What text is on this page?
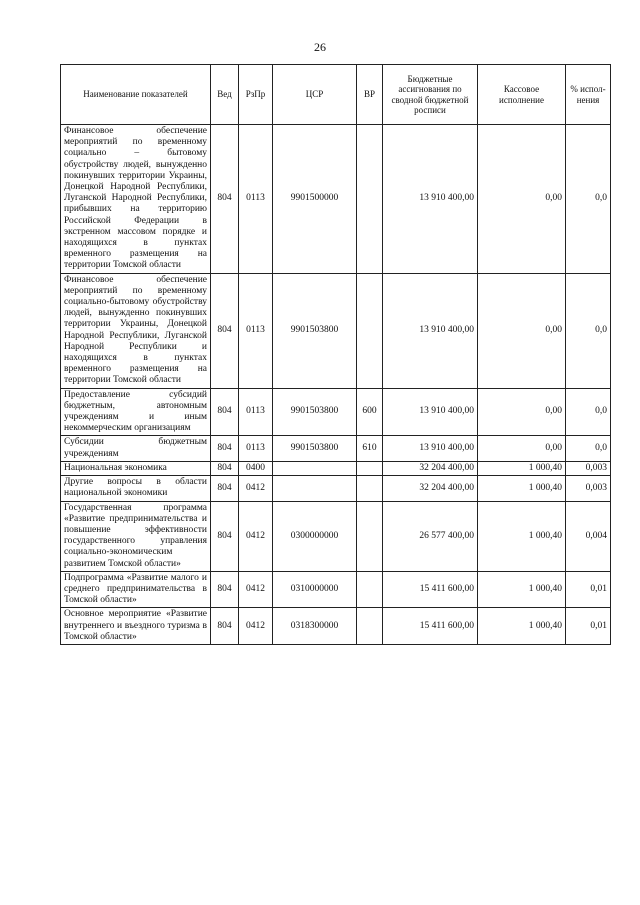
26
Наименование показателей	Вед	РзПр	ЦСР	ВР	Бюджетные ассигнования по сводной бюджетной росписи	Кассовое исполнение	% испол-нения
Финансовое обеспечение мероприятий по временному социально – бытовому обустройству людей, вынужденно покинувших территории Украины, Донецкой Народной Республики, Луганской Народной Республики, прибывших на территорию Российской Федерации в экстренном массовом порядке и находящихся в пунктах временного размещения на территории Томской области	804	0113	9901500000		13 910 400,00	0,00	0,0
Финансовое обеспечение мероприятий по временному социально-бытовому обустройству людей, вынужденно покинувших территории Украины, Донецкой Народной Республики, Луганской Народной Республики и находящихся в пунктах временного размещения на территории Томской области	804	0113	9901503800		13 910 400,00	0,00	0,0
Предоставление субсидий бюджетным, автономным учреждениям и иным некоммерческим организациям	804	0113	9901503800	600	13 910 400,00	0,00	0,0
Субсидии бюджетным учреждениям	804	0113	9901503800	610	13 910 400,00	0,00	0,0
Национальная экономика	804	0400			32 204 400,00	1 000,40	0,003
Другие вопросы в области национальной экономики	804	0412			32 204 400,00	1 000,40	0,003
Государственная программа «Развитие предпринимательства и повышение эффективности государственного управления социально-экономическим развитием Томской области»	804	0412	0300000000		26 577 400,00	1 000,40	0,004
Подпрограмма «Развитие малого и среднего предпринимательства в Томской области»	804	0412	0310000000		15 411 600,00	1 000,40	0,01
Основное мероприятие «Развитие внутреннего и въездного туризма в Томской области»	804	0412	0318300000		15 411 600,00	1 000,40	0,01
